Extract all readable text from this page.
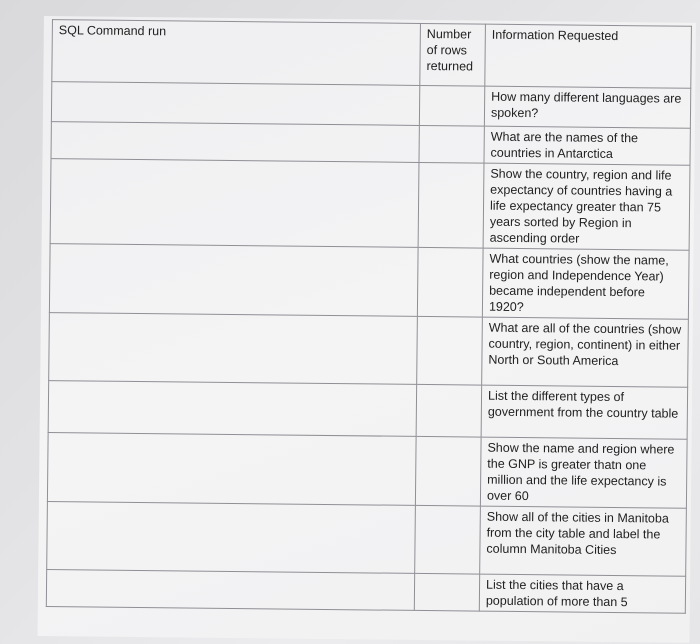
SQL Command run	Number of rows returned	Information Requested
		How many different languages are spoken?
		What are the names of the countries in Antarctica
		Show the country, region and life expectancy of countries having a life expectancy greater than 75 years sorted by Region in ascending order
		What countries (show the name, region and Independence Year) became independent before 1920?
		What are all of the countries (show country, region, continent) in either North or South America
		List the different types of government from the country table
		Show the name and region where the GNP is greater thatn one million and the life expectancy is over 60
		Show all of the cities in Manitoba from the city table and label the column Manitoba Cities
		List the cities that have a population of more than 5
